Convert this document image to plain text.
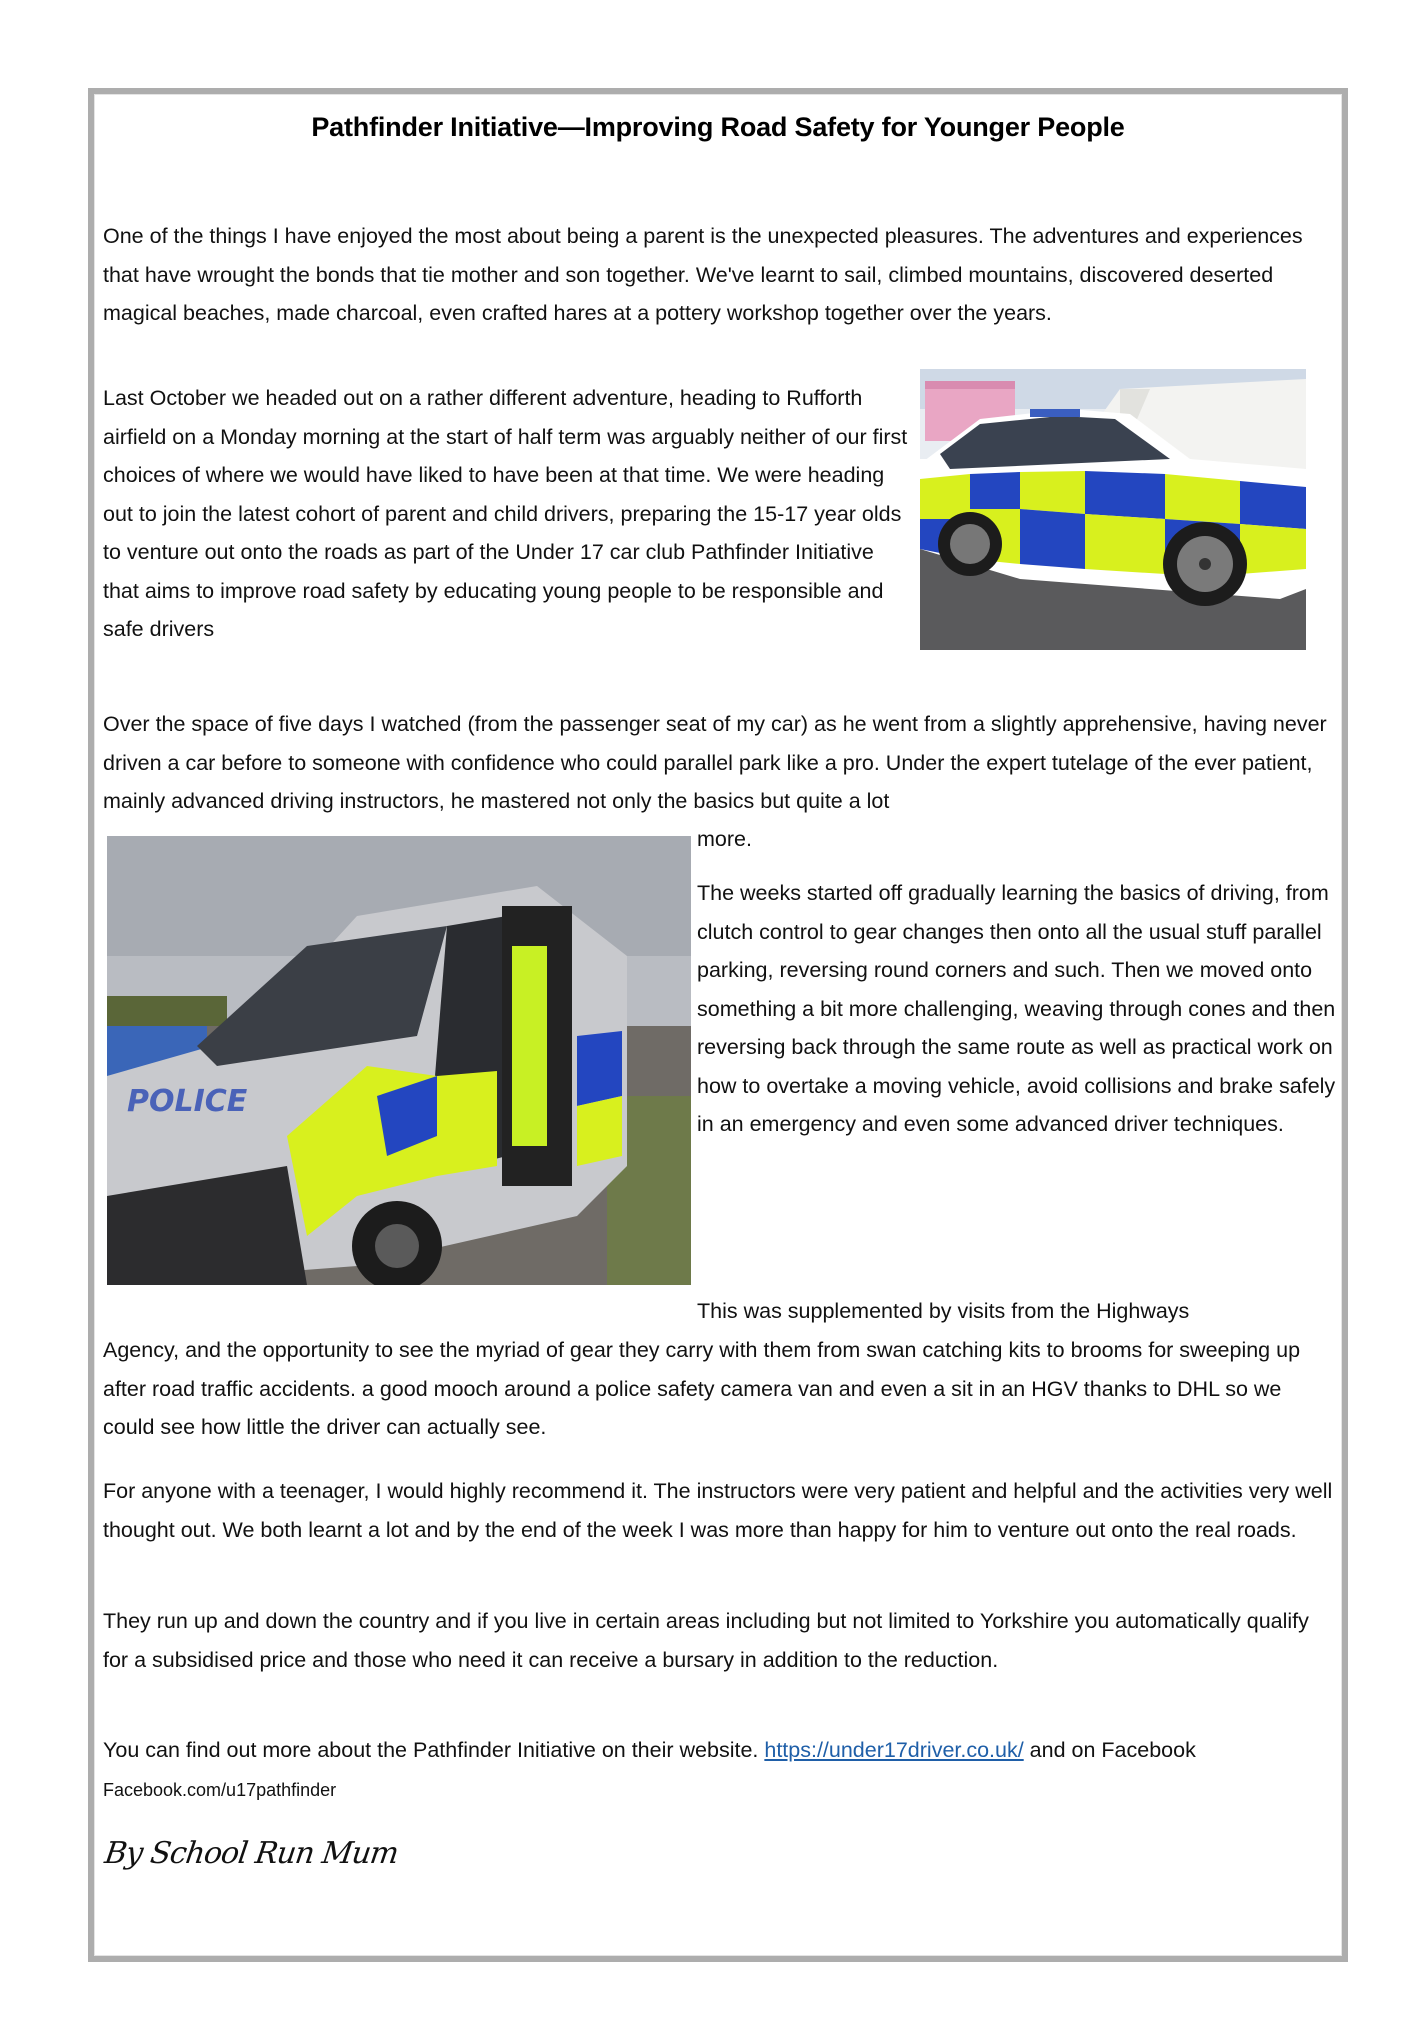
Pathfinder Initiative—Improving Road Safety for Younger People

One of the things I have enjoyed the most about being a parent is the unexpected pleasures. The adventures and experiences that have wrought the bonds that tie mother and son together. We've learnt to sail, climbed mountains, discovered deserted magical beaches, made charcoal, even crafted hares at a pottery workshop together over the years.

Last October we headed out on a rather different adventure, heading to Rufforth airfield on a Monday morning at the start of half term was arguably neither of our first choices of where we would have liked to have been at that time. We were heading out to join the latest cohort of parent and child drivers, preparing the 15-17 year olds to venture out onto the roads as part of the Under 17 car club Pathfinder Initiative that aims to improve road safety by educating young people to be responsible and safe drivers

Over the space of five days I watched (from the passenger seat of my car) as he went from a slightly apprehensive, having never driven a car before to someone with confidence who could parallel park like a pro. Under the expert tutelage of the ever patient, mainly advanced driving instructors, he mastered not only the basics but quite a lot

POLICE

more.

The weeks started off gradually learning the basics of driving, from clutch control to gear changes then onto all the usual stuff parallel parking, reversing round corners and such. Then we moved onto something a bit more challenging, weaving through cones and then reversing back through the same route as well as practical work on how to overtake a moving vehicle, avoid collisions and brake safely in an emergency and even some advanced driver techniques.

This was supplemented by visits from the Highways

Agency, and the opportunity to see the myriad of gear they carry with them from swan catching kits to brooms for sweeping up after road traffic accidents. a good mooch around a police safety camera van and even a sit in an HGV thanks to DHL so we could see how little the driver can actually see.

For anyone with a teenager, I would highly recommend it. The instructors were very patient and helpful and the activities very well thought out. We both learnt a lot and by the end of the week I was more than happy for him to venture out onto the real roads.

They run up and down the country and if you live in certain areas including but not limited to Yorkshire you automatically qualify for a subsidised price and those who need it can receive a bursary in addition to the reduction.

You can find out more about the Pathfinder Initiative on their website. https://under17driver.co.uk/ and on Facebook Facebook.com/u17pathfinder

By School Run Mum
